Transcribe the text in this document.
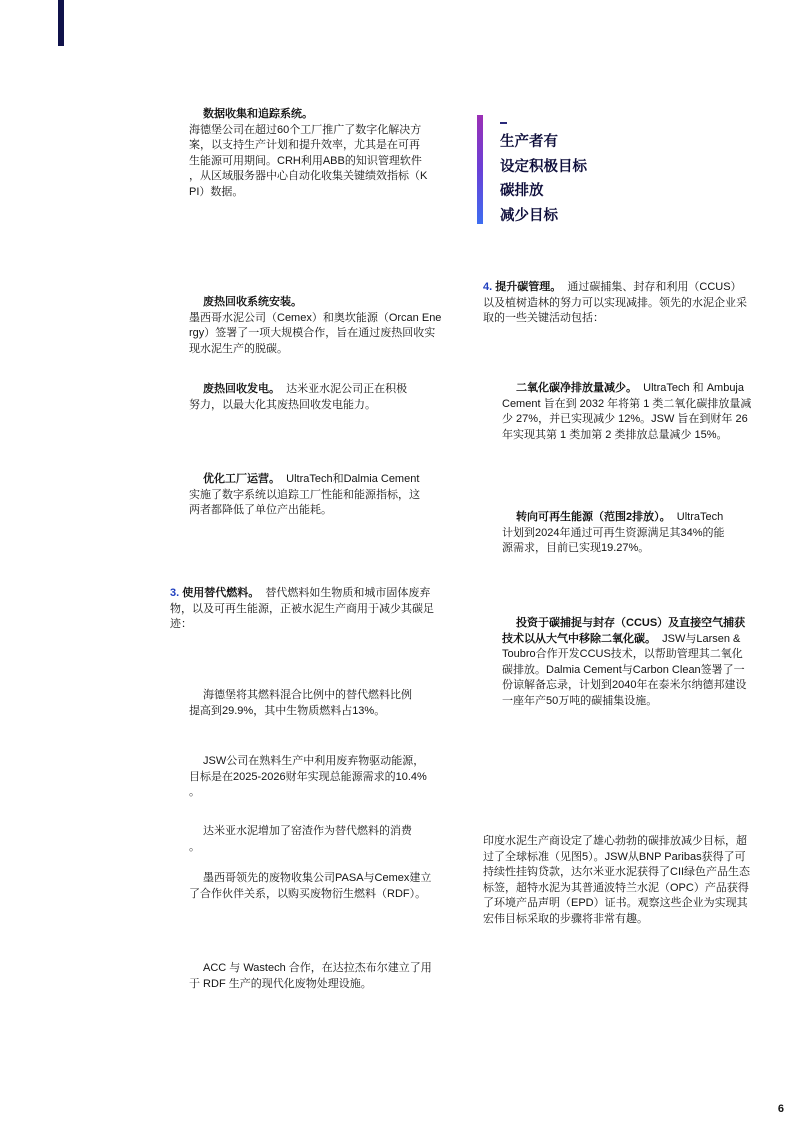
数据收集和追踪系统。
海德堡公司在超过60个工厂推广了数字化解决方
案，以支持生产计划和提升效率，尤其是在可再
生能源可用期间。CRH利用ABB的知识管理软件
，从区域服务器中心自动化收集关键绩效指标（K
PI）数据。
废热回收系统安装。
墨西哥水泥公司（Cemex）和奥坎能源（Orcan Ene
rgy）签署了一项大规模合作，旨在通过废热回收实
现水泥生产的脱碳。
废热回收发电。 达米亚水泥公司正在积极
努力，以最大化其废热回收发电能力。
优化工厂运营。 UltraTech和Dalmia Cement
实施了数字系统以追踪工厂性能和能源指标，这
两者都降低了单位产出能耗。
3. 使用替代燃料。 替代燃料如生物质和城市固体废弃
物，以及可再生能源，正被水泥生产商用于减少其碳足
迹：
海德堡将其燃料混合比例中的替代燃料比例
提高到29.9%，其中生物质燃料占13%。
JSW公司在熟料生产中利用废弃物驱动能源，
目标是在2025-2026财年实现总能源需求的10.4%
。
达米亚水泥增加了窑渣作为替代燃料的消费
。
墨西哥领先的废物收集公司PASA与Cemex建立
了合作伙伴关系，以购买废物衍生燃料（RDF）。
ACC 与 Wastech 合作，在达拉杰布尔建立了用
于 RDF 生产的现代化废物处理设施。
生产者有
设定积极目标
碳排放
减少目标
4. 提升碳管理。 通过碳捕集、封存和利用（CCUS）
以及植树造林的努力可以实现减排。领先的水泥企业采
取的一些关键活动包括：
二氧化碳净排放量减少。 UltraTech 和 Ambuja
Cement 旨在到 2032 年将第 1 类二氧化碳排放量减
少 27%，并已实现减少 12%。JSW 旨在到财年 26
年实现其第 1 类加第 2 类排放总量减少 15%。
转向可再生能源（范围2排放）。 UltraTech
计划到2024年通过可再生资源满足其34%的能
源需求，目前已实现19.27%。
投资于碳捕捉与封存（CCUS）及直接空气捕获
技术以从大气中移除二氧化碳。 JSW与Larsen &
Toubro合作开发CCUS技术，以帮助管理其二氧化
碳排放。Dalmia Cement与Carbon Clean签署了一
份谅解备忘录，计划到2040年在泰米尔纳德邦建设
一座年产50万吨的碳捕集设施。
印度水泥生产商设定了雄心勃勃的碳排放减少目标，超
过了全球标准（见图5）。JSW从BNP Paribas获得了可
持续性挂钩贷款，达尔米亚水泥获得了CII绿色产品生态
标签，超特水泥为其普通波特兰水泥（OPC）产品获得
了环境产品声明（EPD）证书。观察这些企业为实现其
宏伟目标采取的步骤将非常有趣。
6
